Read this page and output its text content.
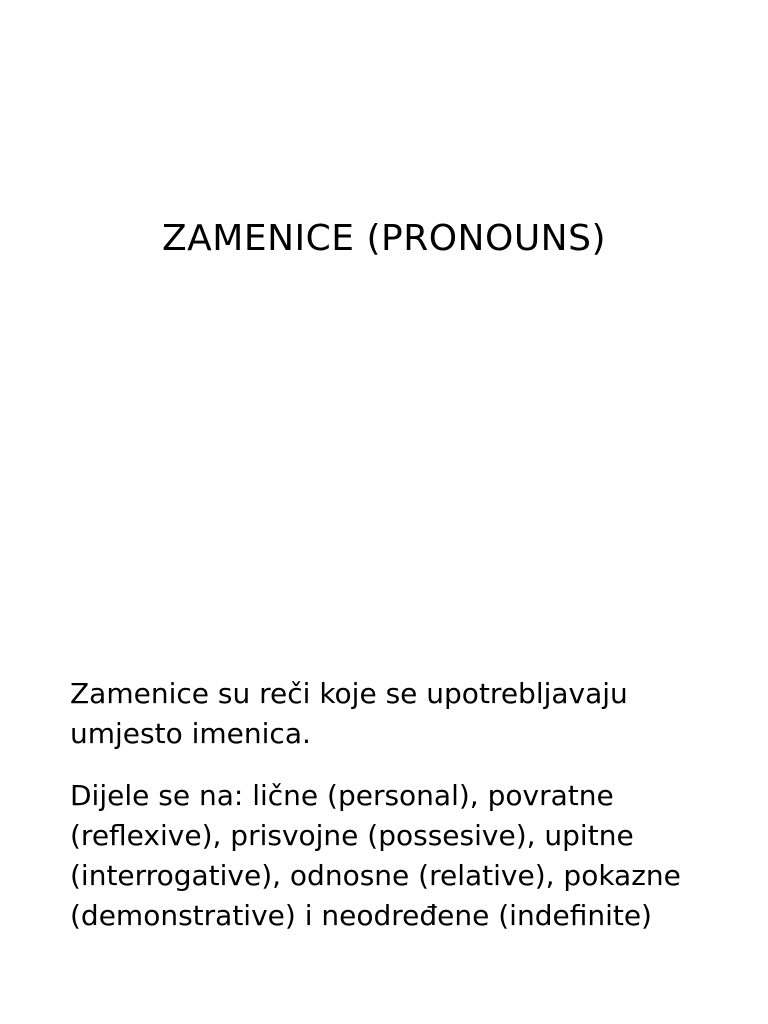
ZAMENICE (PRONOUNS)

Zamenice su reči koje se upotrebljavaju
umjesto imenica.

Dijele se na: lične (personal), povratne
(reflexive), prisvojne (possesive), upitne
(interrogative), odnosne (relative), pokazne
(demonstrative) i neodređene (indefinite)
